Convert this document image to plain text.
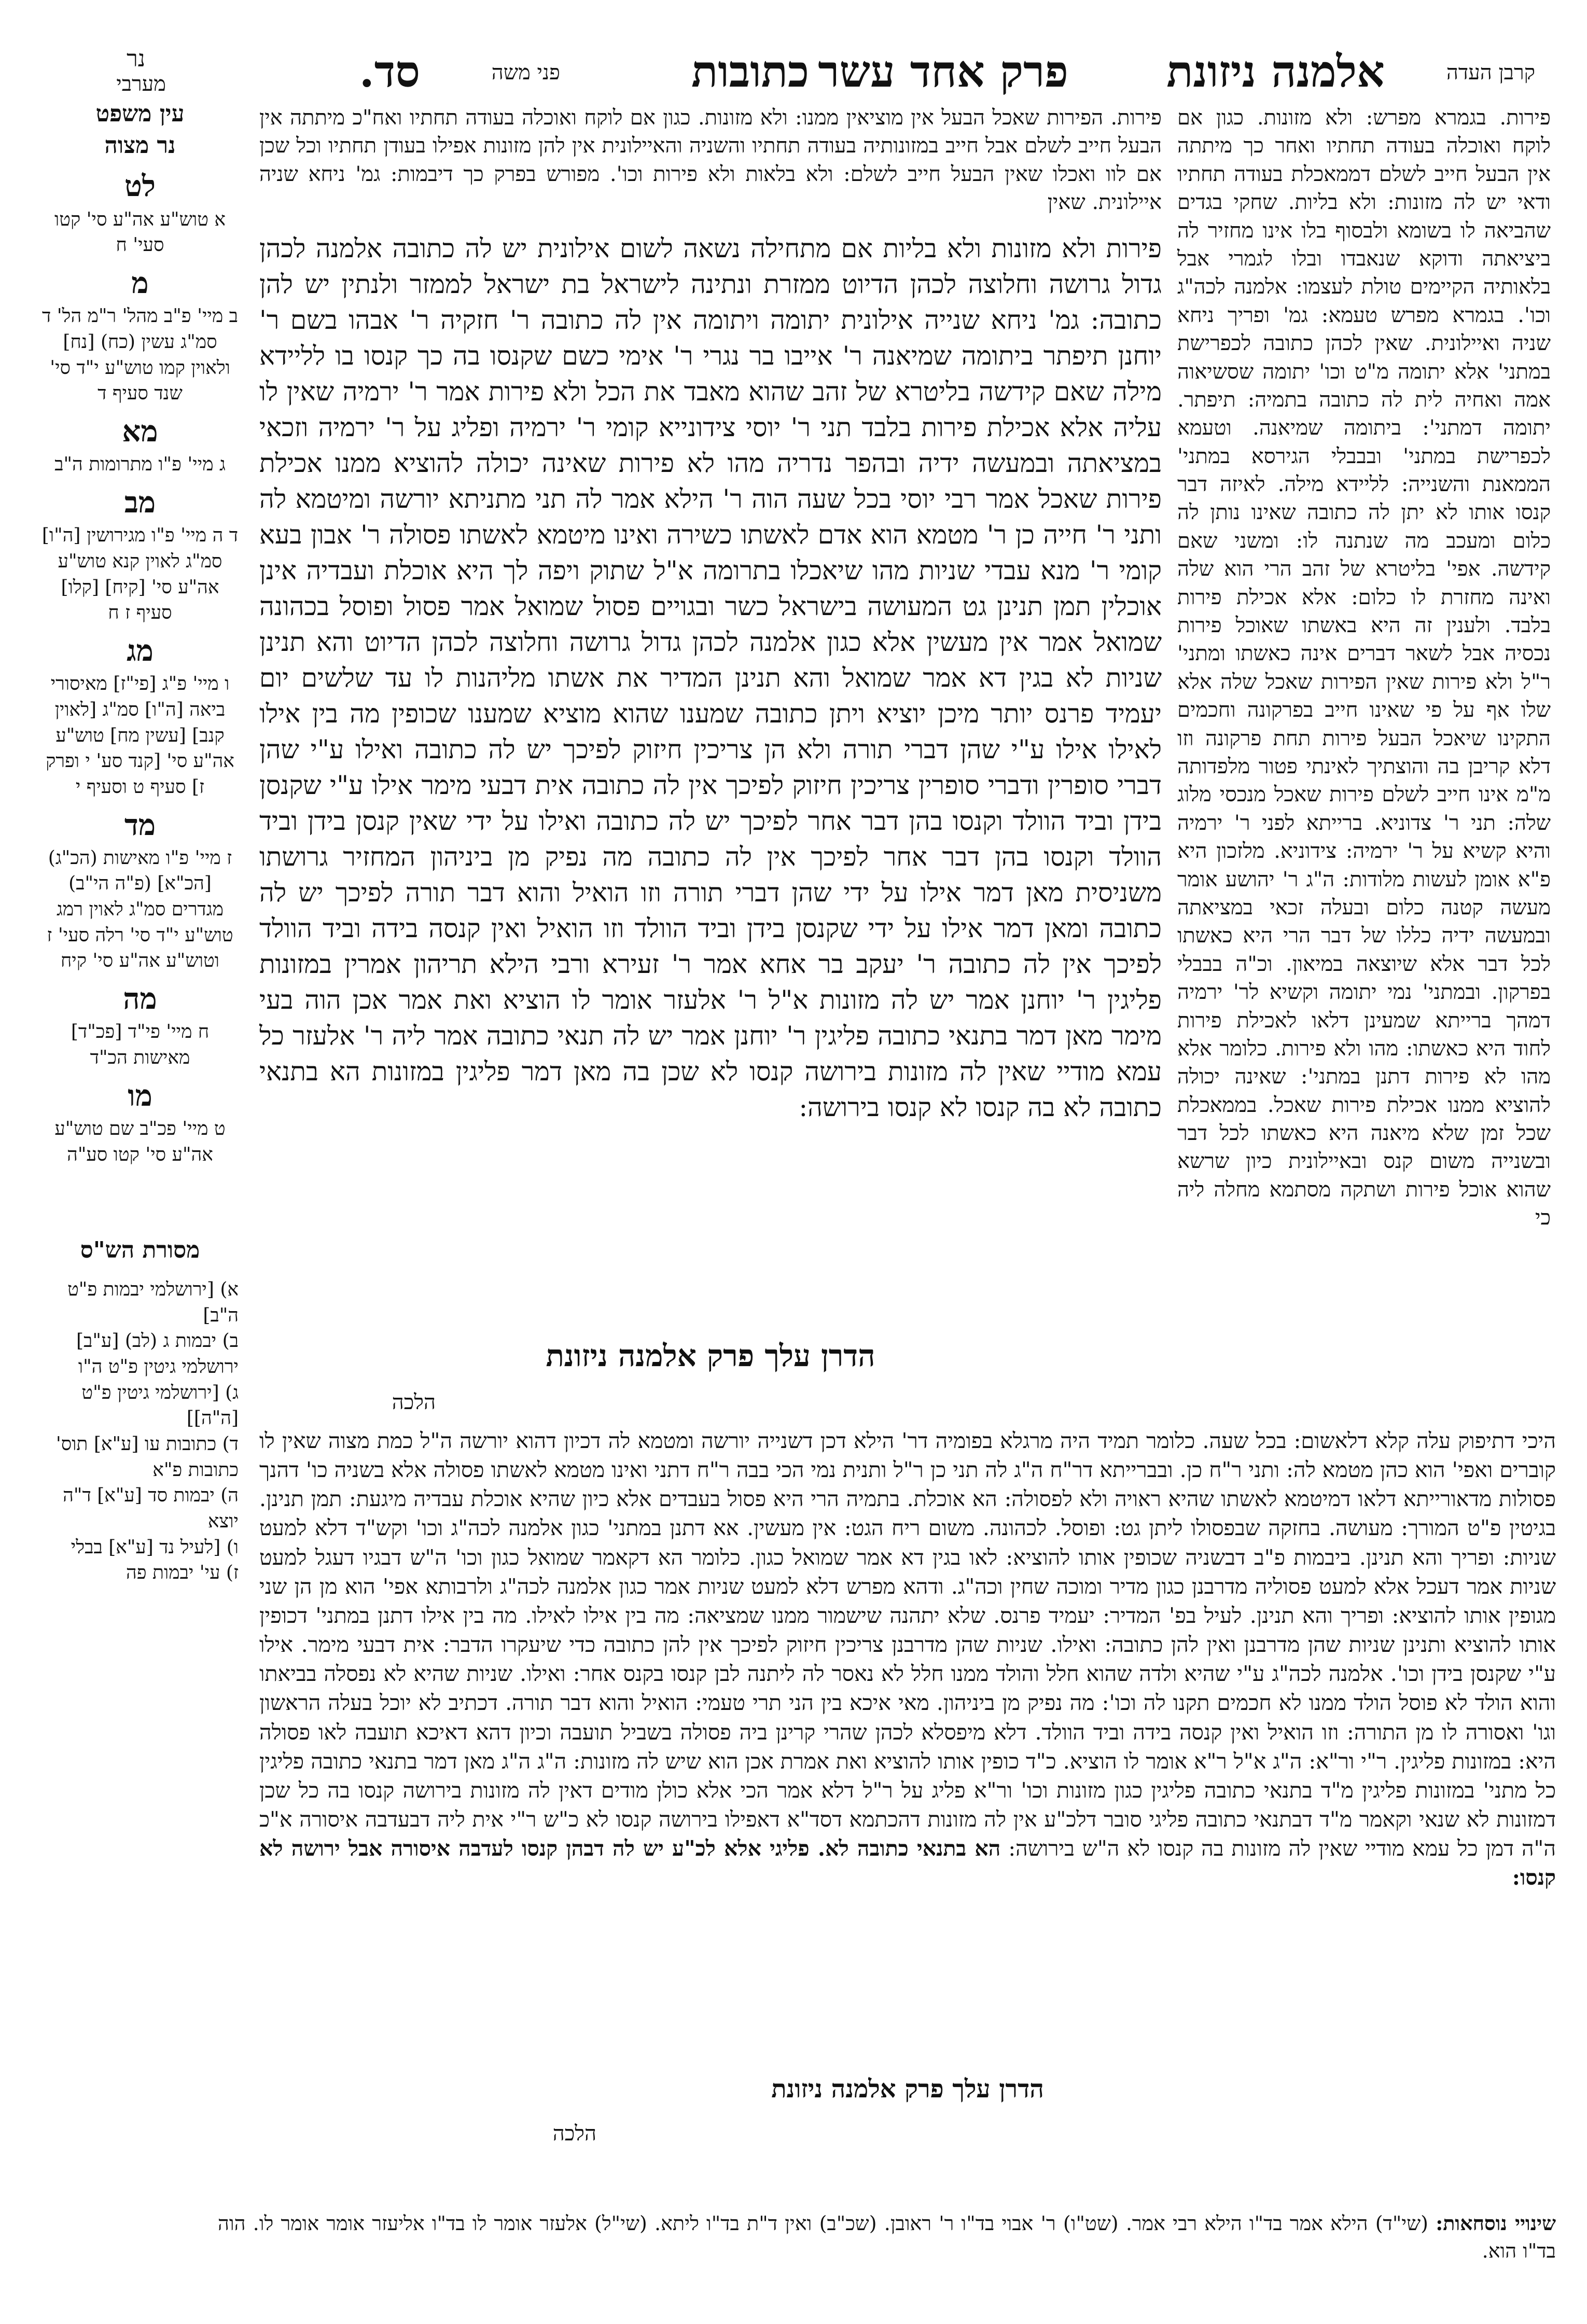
נר
מערבי	סד.	פני משה	כתובות פרק אחד עשר אלמנה ניזונת	קרבן העדה
עין משפט
נר מצוה
לט
א טוש"ע אה"ע סי' קטו סעי' ח
מ
ב מיי' פ"ב מהל' ר"מ הל' ד סמ"ג עשין (כח) [נח] ולאוין קמו טוש"ע י"ד סי' שנד סעיף ד
מא
ג מיי' פ"ו מתרומות ה"ב
מב
ד ה מיי' פ"ו מגירושין [ה"ו] סמ"ג לאוין קנא טוש"ע אה"ע סי' [קיח] [קלו] סעיף ז ח
מג
ו מיי' פ"ג [פי"ז] מאיסורי ביאה [ה"ו] סמ"ג [לאוין קנב] [עשין מח] טוש"ע אה"ע סי' [קנד סע' י ופרק ז] סעיף ט וסעיף י
מד
ז מיי' פ"ו מאישות (הכ"ג) [הכ"א] (פ"ה הי"ב) מגדרים סמ"ג לאוין רמג טוש"ע י"ד סי' רלה סעי' ז וטוש"ע אה"ע סי' קיח
מה
ח מיי' פי"ד [פכ"ד] מאישות הכ"ד
מו
ט מיי' פכ"ב שם טוש"ע אה"ע סי' קטו סע"ה
מסורת הש"ס
א) [ירושלמי יבמות פ"ט ה"ב]
ב) יבמות ג (לב) [ע"ב] ירושלמי גיטין פ"ט ה"ו
ג) [ירושלמי גיטין פ"ט [ה"ה]]
ד) כתובות עו [ע"א] תוס' כתובות פ"א
ה) יבמות סד [ע"א] ד"ה יוצא
ו) [לעיל נד [ע"א] בבלי
ז) עי' יבמות פה
פירות. בגמרא מפרש: ולא מזונות. כגון אם לוקח ואוכלה בעודה תחתיו ואחר כך מיתתה אין הבעל חייב לשלם דממאכלת בעודה תחתיו ודאי יש לה מזונות: ולא בליות. שחקי בגדים שהביאה לו בשומא ולבסוף בלו אינו מחזיר לה ביציאתה ודוקא שנאבדו ובלו לגמרי אבל בלאותיה הקיימים טולת לעצמו: אלמנה לכה"ג וכו'. בגמרא מפרש טעמא: גמ' ופריך ניחא שניה ואיילונית. שאין לכהן כתובה לכפרישת במתני' אלא יתומה מ"ט וכו' יתומה שסשיאוה אמה ואחיה לית לה כתובה בתמיה: תיפתר. יתומה דמתני': ביתומה שמיאנה. וטעמא לכפרישת במתני' ובבבלי הגירסא במתני' הממאנת והשנייה: לליידא מילה. לאיזה דבר קנסו אותו לא יתן לה כתובה שאינו נותן לה כלום ומעכב מה שנתנה לו: ומשני שאם קידשה. אפי' בליטרא של זהב הרי הוא שלה ואינה מחזרת לו כלום: אלא אכילת פירות בלבד. ולענין זה היא באשתו שאוכל פירות נכסיה אבל לשאר דברים אינה כאשתו ומתני' ר"ל ולא פירות שאין הפירות שאכל שלה אלא שלו אף על פי שאינו חייב בפרקונה וחכמים התקינו שיאכל הבעל פירות תחת פרקונה וזו דלא קריבן בה והוצתיך לאינתי פטור מלפדותה מ"מ אינו חייב לשלם פירות שאכל מנכסי מלוג שלה: תני ר' צדוניא. ברייתא לפני ר' ירמיה והיא קשיא על ר' ירמיה: צידוניא. מלזכון היא פ"א אומן לעשות מלודות: ה"ג ר' יהושע אומר מעשה קטנה כלום ובעלה זכאי במציאתה ובמעשה ידיה כללו של דבר הרי היא כאשתו לכל דבר אלא שיוצאה במיאון. וכ"ה בבבלי בפרקון. ובמתני' נמי יתומה וקשיא לר' ירמיה דמהך ברייתא שמעינן דלאו לאכילת פירות לחוד היא כאשתו: מהו ולא פירות. כלומר אלא מהו לא פירות דתנן במתני': שאינה יכולה להוציא ממנו אכילת פירות שאכל. בממאכלת שכל זמן שלא מיאנה היא כאשתו לכל דבר ובשנייה משום קנס ובאיילונית כיון שרשא שהוא אוכל פירות ושתקה מסתמא מחלה ליה כי
פירות. הפירות שאכל הבעל אין מוציאין ממנו: ולא מזונות. כגון אם לוקח ואוכלה בעודה תחתיו ואח"כ מיתתה אין הבעל חייב לשלם אבל חייב במזונותיה בעודה תחתיו והשניה והאיילונית אין להן מזונות אפילו בעודן תחתיו וכל שכן אם לוו ואכלו שאין הבעל חייב לשלם: ולא בלאות ולא פירות וכו'. מפורש בפרק כך דיבמות: גמ' ניחא שניה איילונית. שאין
פירות ולא מזונות ולא בליות אם מתחילה נשאה לשום אילונית יש לה כתובה אלמנה לכהן גדול גרושה וחלוצה לכהן הדיוט ממזרת ונתינה לישראל בת ישראל לממזר ולנתין יש להן כתובה: גמ' ניחא שנייה אילונית יתומה ויתומה אין לה כתובה ר' חזקיה ר' אבהו בשם ר' יוחנן תיפתר ביתומה שמיאנה ר' אייבו בר נגרי ר' אימי כשם שקנסו בה כך קנסו בו לליידא מילה שאם קידשה בליטרא של זהב שהוא מאבד את הכל ולא פירות אמר ר' ירמיה שאין לו עליה אלא אכילת פירות בלבד תני ר' יוסי צידונייא קומי ר' ירמיה ופליג על ר' ירמיה וזכאי במציאתה ובמעשה ידיה ובהפר נדריה מהו לא פירות שאינה יכולה להוציא ממנו אכילת פירות שאכל אמר רבי יוסי בכל שעה הוה ר' הילא אמר לה תני מתניתא יורשה ומיטמא לה ותני ר' חייה כן ר' מטמא הוא אדם לאשתו כשירה ואינו מיטמא לאשתו פסולה ר' אבון בעא קומי ר' מנא עבדי שניות מהו שיאכלו בתרומה א"ל שתוק ויפה לך היא אוכלת ועבדיה אינן אוכלין תמן תנינן גט המעושה בישראל כשר ובגויים פסול שמואל אמר פסול ופוסל בכהונה שמואל אמר אין מעשין אלא כגון אלמנה לכהן גדול גרושה וחלוצה לכהן הדיוט והא תנינן שניות לא בגין דא אמר שמואל והא תנינן המדיר את אשתו מליהנות לו עד שלשים יום יעמיד פרנס יותר מיכן יוציא ויתן כתובה שמענו שהוא מוציא שמענו שכופין מה בין אילו לאילו אילו ע"י שהן דברי תורה ולא הן צריכין חיזוק לפיכך יש לה כתובה ואילו ע"י שהן דברי סופרין ודברי סופרין צריכין חיזוק לפיכך אין לה כתובה אית דבעי מימר אילו ע"י שקנסן בידן וביד הוולד וקנסו בהן דבר אחר לפיכך יש לה כתובה ואילו על ידי שאין קנסן בידן וביד הוולד וקנסו בהן דבר אחר לפיכך אין לה כתובה מה נפיק מן ביניהון המחזיר גרושתו משניסית מאן דמר אילו על ידי שהן דברי תורה וזו הואיל והוא דבר תורה לפיכך יש לה כתובה ומאן דמר אילו על ידי שקנסן בידן וביד הוולד וזו הואיל ואין קנסה בידה וביד הוולד לפיכך אין לה כתובה ר' יעקב בר אחא אמר ר' זעירא ורבי הילא תריהון אמרין במזונות פליגין ר' יוחנן אמר יש לה מזונות א"ל ר' אלעזר אומר לו הוציא ואת אמר אכן הוה בעי מימר מאן דמר בתנאי כתובה פליגין ר' יוחנן אמר יש לה תנאי כתובה אמר ליה ר' אלעזר כל עמא מודיי שאין לה מזונות בירושה קנסו לא שכן בה מאן דמר פליגין במזונות הא בתנאי כתובה לא בה קנסו לא קנסו בירושה:
הדרן עלך פרק אלמנה ניזונת
הלכה
היכי דתיפוק עלה קלא דלאשום: בכל שעה. כלומר תמיד היה מרגלא בפומיה דר' הילא דכן דשנייה יורשה ומטמא לה דכיון דהוא יורשה ה"ל כמת מצוה שאין לו קוברים ואפי' הוא כהן מטמא לה: ותני ר"ח כן. ובברייתא דר"ח ה"ג לה תני כן ר"ל ותנית נמי הכי בבה ר"ח דתני ואינו מטמא לאשתו פסולה אלא בשניה כו' דהנך פסולות מדאורייתא דלאו דמיטמא לאשתו שהיא ראויה ולא לפסולה: הא אוכלת. בתמיה הרי היא פסול בעבדים אלא כיון שהיא אוכלת עבדיה מיגעת: תמן תנינן. בגיטין פ"ט המורך: מעושה. בחזקה שבפסולו ליתן גט: ופוסל. לכהונה. משום ריח הגט: אין מעשין. אא דתנן במתני' כגון אלמנה לכה"ג וכו' וקש"ד דלא למעט שניות: ופריך והא תנינן. ביבמות פ"ב דבשניה שכופין אותו להוציא: לאו בגין דא אמר שמואל כגון. כלומר הא דקאמר שמואל כגון וכו' ה"ש דבגיו דעגל למעט שניות אמר דעכל אלא למעט פסוליה מדרבנן כגון מדיר ומוכה שחין וכה"ג. ודהא מפרש דלא למעט שניות אמר כגון אלמנה לכה"ג ולרבותא אפי' הוא מן הן שני מגופין אותו להוציא: ופריך והא תנינן. לעיל בפ' המדיר: יעמיד פרנס. שלא יתהנה שישמור ממנו שמציאה: מה בין אילו לאילו. מה בין אילו דתנן במתני' דכופין אותו להוציא ותנינן שניות שהן מדרבנן ואין להן כתובה: ואילו. שניות שהן מדרבנן צריכין חיזוק לפיכך אין להן כתובה כדי שיעקרו הדבר: אית דבעי מימר. אילו ע"י שקנסן בידן וכו'. אלמנה לכה"ג ע"י שהיא ולדה שהוא חלל והולד ממנו חלל לא נאסר לה ליתנה לבן קנסו בקנס אחר: ואילו. שניות שהיא לא נפסלה בביאתו והוא הולד לא פוסל הולד ממנו לא חכמים תקנו לה וכו': מה נפיק מן ביניהון. מאי איכא בין הני תרי טעמי: הואיל והוא דבר תורה. דכתיב לא יוכל בעלה הראשון וגו' ואסורה לו מן התורה: וזו הואיל ואין קנסה בידה וביד הוולד. דלא מיפסלא לכהן שהרי קרינן ביה פסולה בשביל תועבה וכיון דהא דאיכא תועבה לאו פסולה היא: במזונות פליגין. ר"י ור"א: ה"ג א"ל ר"א אומר לו הוציא. כ"ד כופין אותו להוציא ואת אמרת אכן הוא שיש לה מזונות: ה"ג ה"ג מאן דמר בתנאי כתובה פליגין כל מתני' במזונות פליגין מ"ד בתנאי כתובה פליגין כגון מזונות וכו' ור"א פליג על ר"ל דלא אמר הכי אלא כולן מודים דאין לה מזונות בירושה קנסו בה כל שכן דמזונות לא שנאי וקאמר מ"ד דבתנאי כתובה פליגי סובר דלכ"ע אין לה מזונות דהכתמא דסד"א דאפילו בירושה קנסו לא כ"ש ר"י אית ליה דבעדבה איסורה א"כ ה"ה דמן כל עמא מודיי שאין לה מזונות בה קנסו לא ה"ש בירושה: הא בתנאי כתובה לא. פליגי אלא לכ"ע יש לה דבהן קנסו לעדבה איסורה אבל ירושה לא קנסו:
הדרן עלך פרק אלמנה ניזונת
הלכה
שינויי נוסחאות: (שי"ד) הילא אמר בד"ו הילא רבי אמר. (שט"ו) ר' אבוי בד"ו ר' ראובן. (שכ"ב) ואין ד"ת בד"ו ליתא. (שי"ל) אלעזר אומר לו בד"ו אליעזר אומר אומר לו. הוה בד"ו הוא.
